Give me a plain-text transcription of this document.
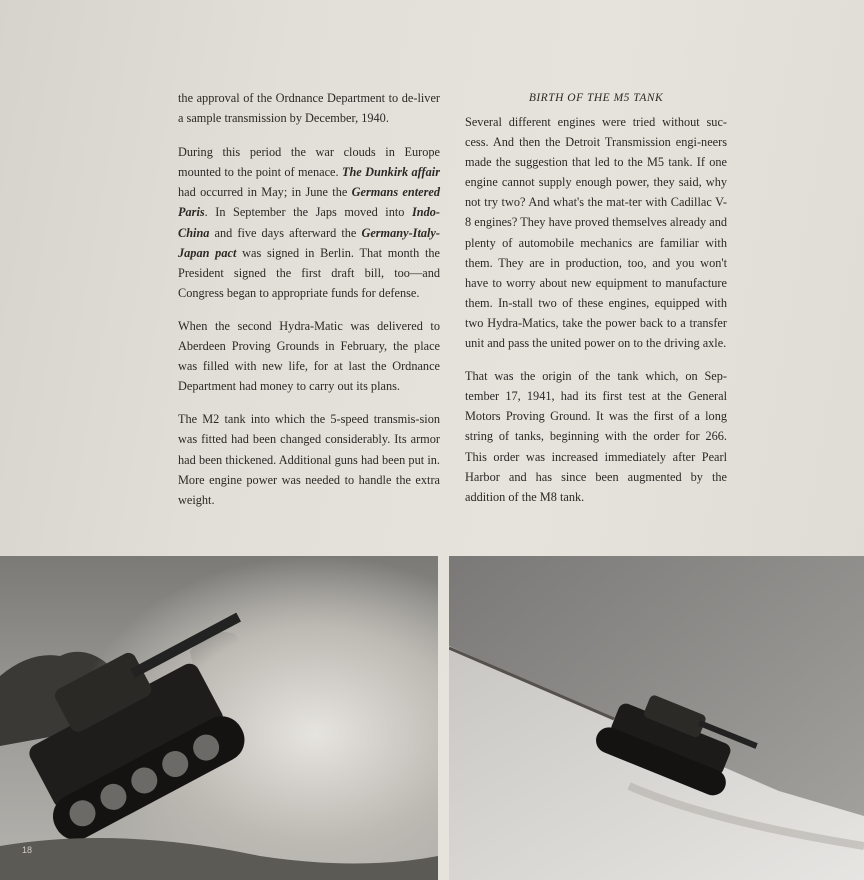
the approval of the Ordnance Department to de-liver a sample transmission by December, 1940.

During this period the war clouds in Europe mounted to the point of menace. The Dunkirk affair had occurred in May; in June the Germans entered Paris. In September the Japs moved into Indo-China and five days afterward the Germany-Italy-Japan pact was signed in Berlin. That month the President signed the first draft bill, too—and Congress began to appropriate funds for defense.

When the second Hydra-Matic was delivered to Aberdeen Proving Grounds in February, the place was filled with new life, for at last the Ordnance Department had money to carry out its plans.

The M2 tank into which the 5-speed transmis-sion was fitted had been changed considerably. Its armor had been thickened. Additional guns had been put in. More engine power was needed to handle the extra weight.

BIRTH OF THE M5 TANK

Several different engines were tried without suc-cess. And then the Detroit Transmission engi-neers made the suggestion that led to the M5 tank. If one engine cannot supply enough power, they said, why not try two? And what's the mat-ter with Cadillac V-8 engines? They have proved themselves already and plenty of automobile mechanics are familiar with them. They are in production, too, and you won't have to worry about new equipment to manufacture them. In-stall two of these engines, equipped with two Hydra-Matics, take the power back to a transfer unit and pass the united power on to the driving axle.

That was the origin of the tank which, on Sep-tember 17, 1941, had its first test at the General Motors Proving Ground. It was the first of a long string of tanks, beginning with the order for 266. This order was increased immediately after Pearl Harbor and has since been augmented by the addition of the M8 tank.

18
